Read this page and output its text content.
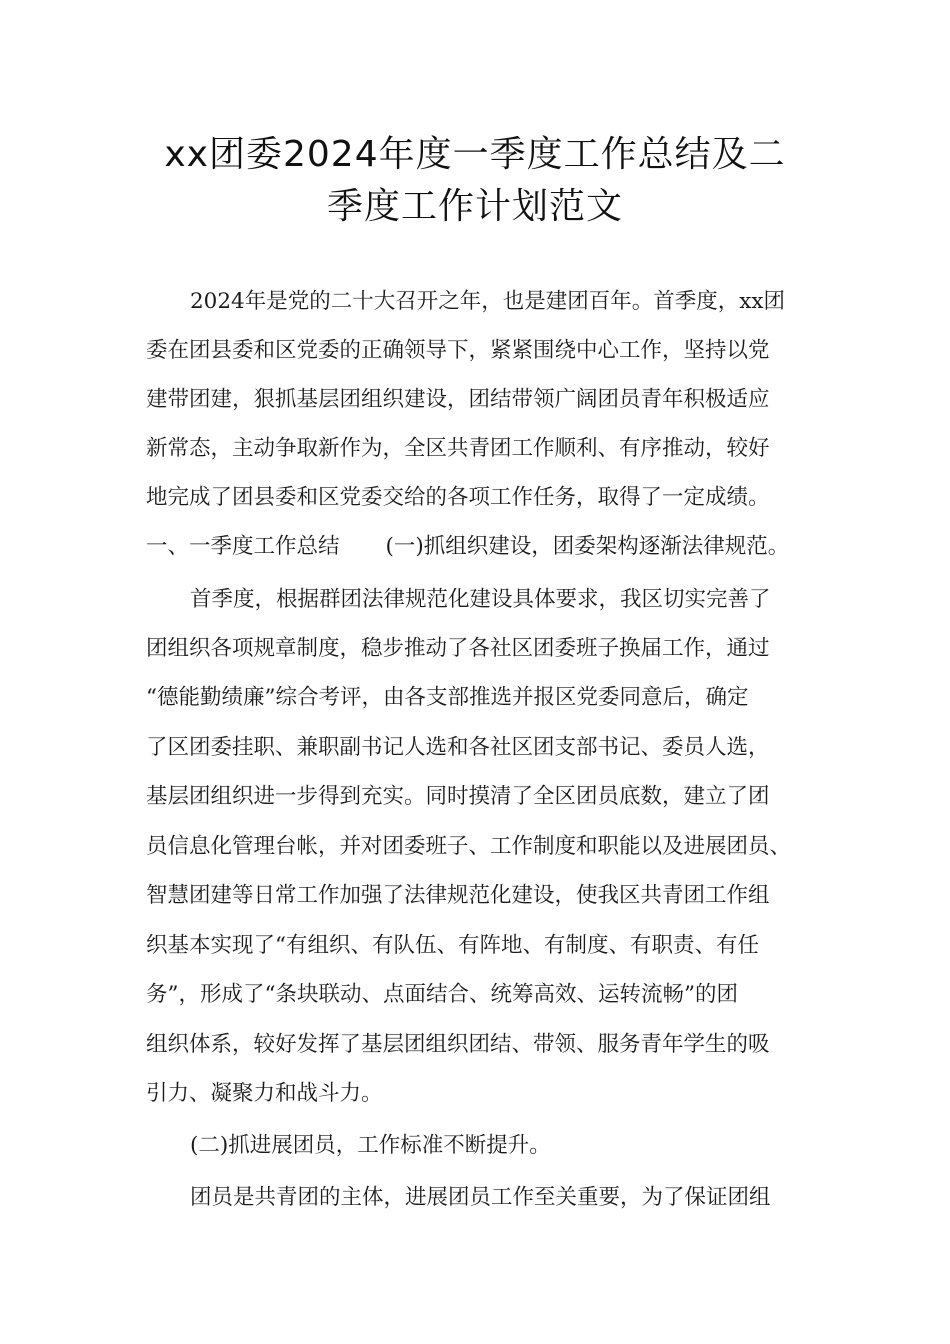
xx团委2024年度一季度工作总结及二
季度工作计划范文
2024年是党的二十大召开之年，也是建团百年。首季度，xx团
委在团县委和区党委的正确领导下，紧紧围绕中心工作，坚持以党
建带团建，狠抓基层团组织建设，团结带领广阔团员青年积极适应
新常态，主动争取新作为，全区共青团工作顺利、有序推动，较好
地完成了团县委和区党委交给的各项工作任务，取得了一定成绩。
一、一季度工作总结 (一)抓组织建设，团委架构逐渐法律规范。
首季度，根据群团法律规范化建设具体要求，我区切实完善了
团组织各项规章制度，稳步推动了各社区团委班子换届工作，通过
“德能勤绩廉”综合考评，由各支部推选并报区党委同意后，确定
了区团委挂职、兼职副书记人选和各社区团支部书记、委员人选，
基层团组织进一步得到充实。同时摸清了全区团员底数，建立了团
员信息化管理台帐，并对团委班子、工作制度和职能以及进展团员、
智慧团建等日常工作加强了法律规范化建设，使我区共青团工作组
织基本实现了“有组织、有队伍、有阵地、有制度、有职责、有任
务”，形成了“条块联动、点面结合、统筹高效、运转流畅”的团
组织体系，较好发挥了基层团组织团结、带领、服务青年学生的吸
引力、凝聚力和战斗力。
(二)抓进展团员，工作标准不断提升。
团员是共青团的主体，进展团员工作至关重要，为了保证团组
